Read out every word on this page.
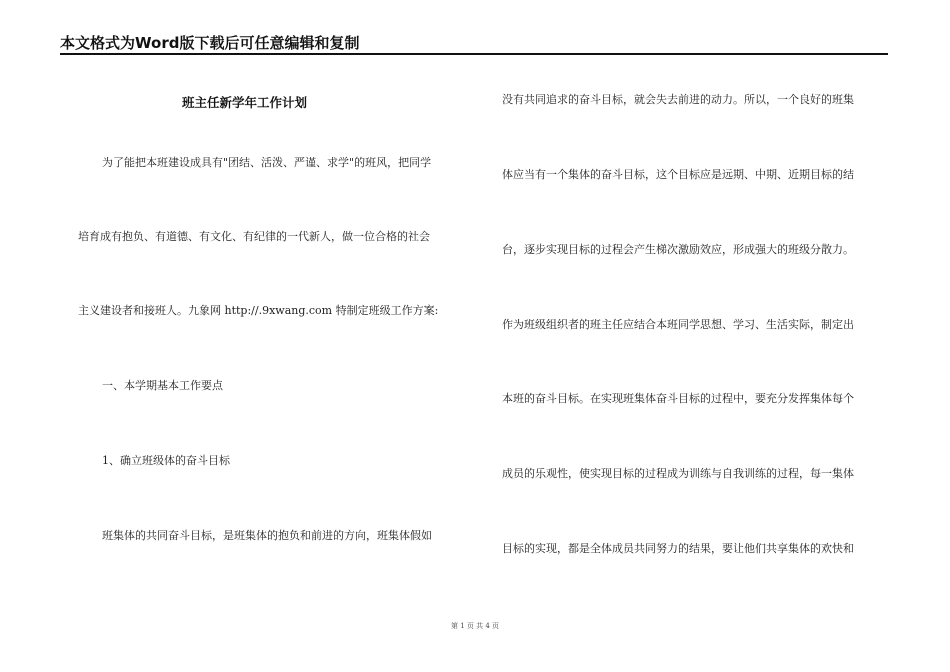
本文格式为Word版下载后可任意编辑和复制
班主任新学年工作计划
为了能把本班建设成具有"团结、活泼、严谨、求学"的班风，把同学
培育成有抱负、有道德、有文化、有纪律的一代新人，做一位合格的社会
主义建设者和接班人。九象网 http://.9xwang.com 特制定班级工作方案:
一、本学期基本工作要点
1、确立班级体的奋斗目标
班集体的共同奋斗目标，是班集体的抱负和前进的方向，班集体假如
没有共同追求的奋斗目标，就会失去前进的动力。所以，一个良好的班集
体应当有一个集体的奋斗目标，这个目标应是远期、中期、近期目标的结
台，逐步实现目标的过程会产生梯次激励效应，形成强大的班级分散力。
作为班级组织者的班主任应结合本班同学思想、学习、生活实际，制定出
本班的奋斗目标。在实现班集体奋斗目标的过程中，要充分发挥集体每个
成员的乐观性，使实现目标的过程成为训练与自我训练的过程，每一集体
目标的实现，都是全体成员共同努力的结果，要让他们共享集体的欢快和
第 1 页 共 4 页
